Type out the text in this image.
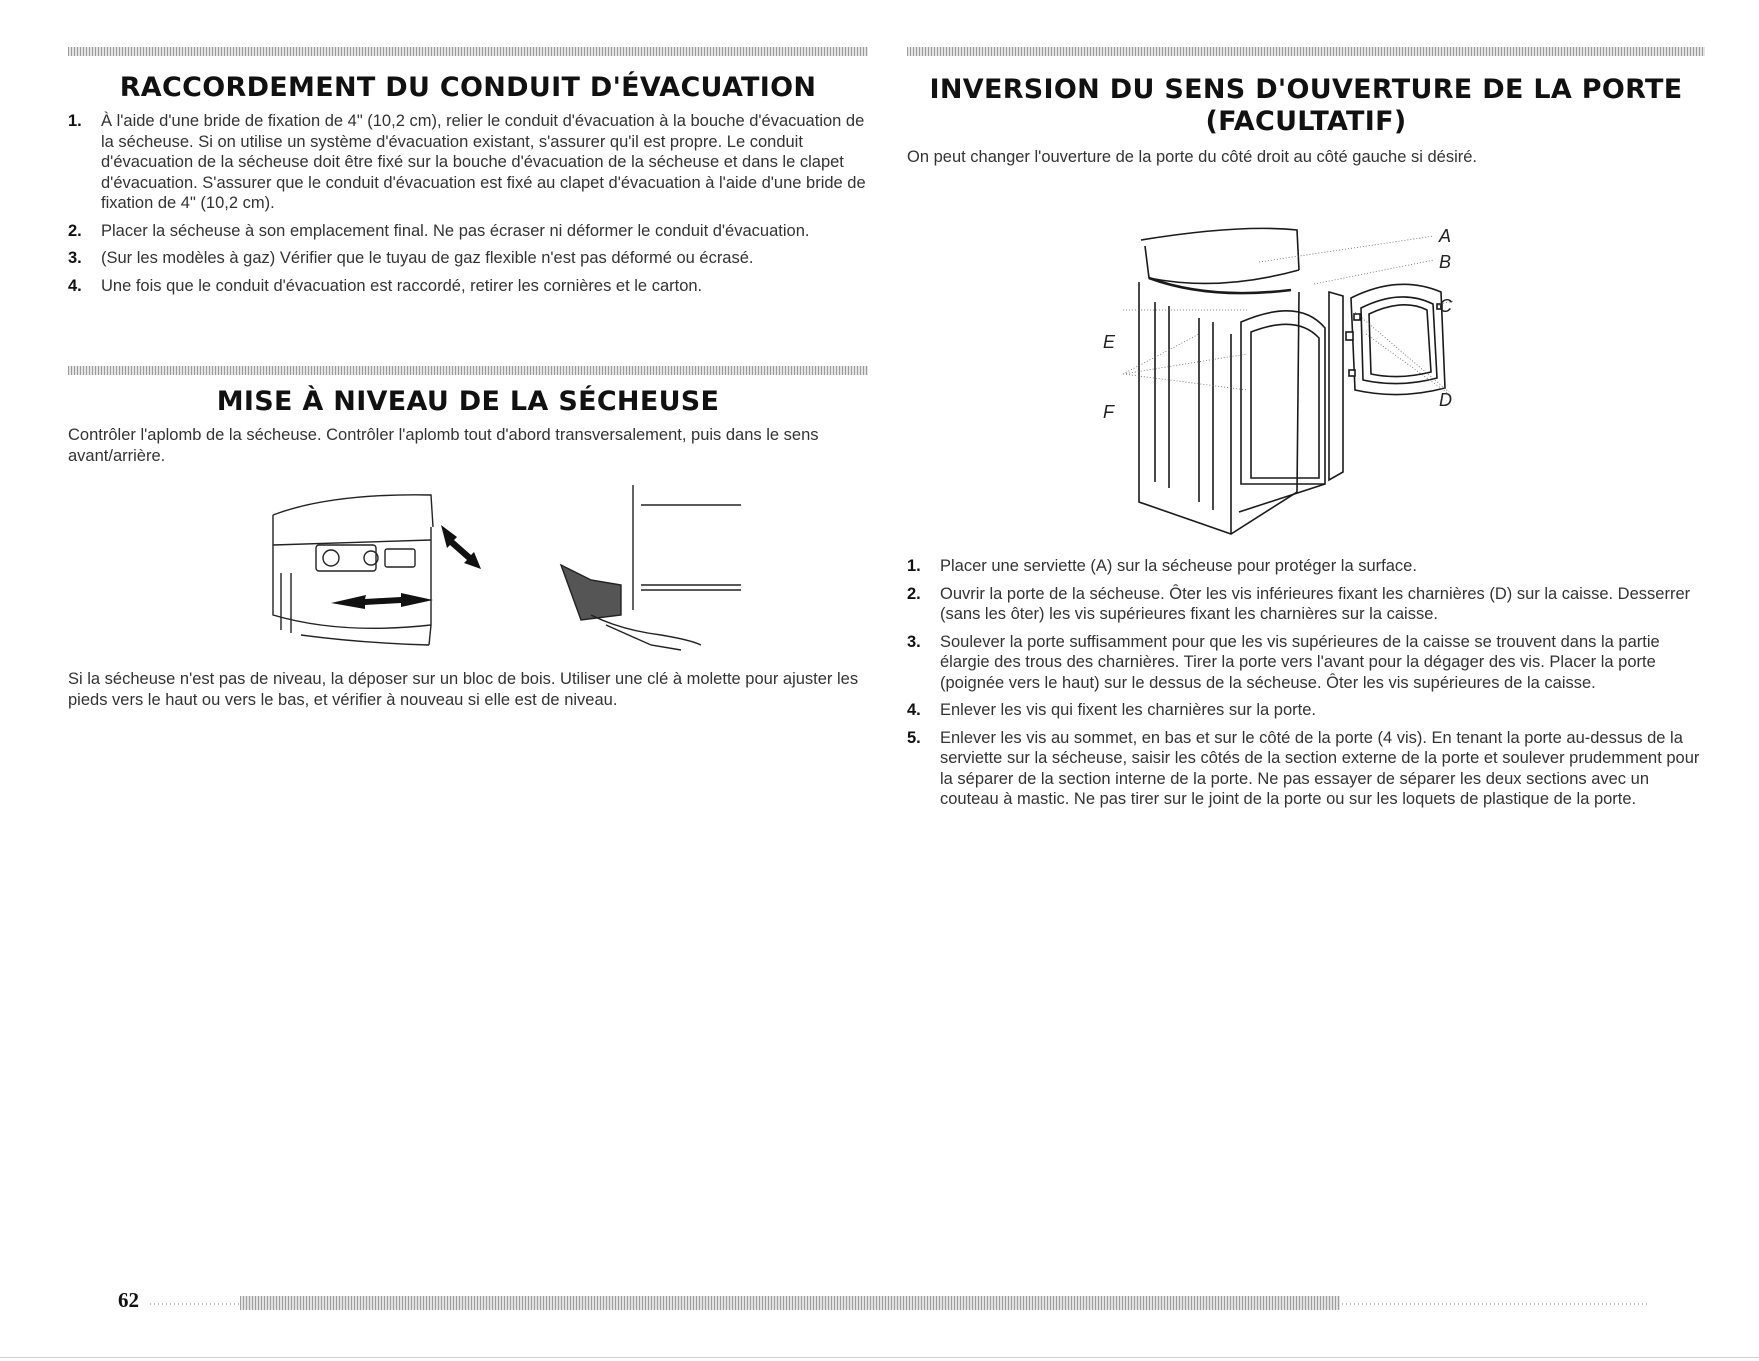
RACCORDEMENT DU CONDUIT D'ÉVACUATION
1. À l'aide d'une bride de fixation de 4" (10,2 cm), relier le conduit d'évacuation à la bouche d'évacuation de la sécheuse. Si on utilise un système d'évacuation existant, s'assurer qu'il est propre. Le conduit d'évacuation de la sécheuse doit être fixé sur la bouche d'évacuation de la sécheuse et dans le clapet d'évacuation. S'assurer que le conduit d'évacuation est fixé au clapet d'évacuation à l'aide d'une bride de fixation de 4" (10,2 cm).
2. Placer la sécheuse à son emplacement final. Ne pas écraser ni déformer le conduit d'évacuation.
3. (Sur les modèles à gaz) Vérifier que le tuyau de gaz flexible n'est pas déformé ou écrasé.
4. Une fois que le conduit d'évacuation est raccordé, retirer les cornières et le carton.
MISE À NIVEAU DE LA SÉCHEUSE

Contrôler l'aplomb de la sécheuse. Contrôler l'aplomb tout d'abord transversalement, puis dans le sens avant/arrière.

Si la sécheuse n'est pas de niveau, la déposer sur un bloc de bois. Utiliser une clé à molette pour ajuster les pieds vers le haut ou vers le bas, et vérifier à nouveau si elle est de niveau.

INVERSION DU SENS D'OUVERTURE DE LA PORTE
(FACULTATIF)

On peut changer l'ouverture de la porte du côté droit au côté gauche si désiré.

A
B
C
D
E
F
1. Placer une serviette (A) sur la sécheuse pour protéger la surface.
2. Ouvrir la porte de la sécheuse. Ôter les vis inférieures fixant les charnières (D) sur la caisse. Desserrer (sans les ôter) les vis supérieures fixant les charnières sur la caisse.
3. Soulever la porte suffisamment pour que les vis supérieures de la caisse se trouvent dans la partie élargie des trous des charnières. Tirer la porte vers l'avant pour la dégager des vis. Placer la porte (poignée vers le haut) sur le dessus de la sécheuse. Ôter les vis supérieures de la caisse.
4. Enlever les vis qui fixent les charnières sur la porte.
5. Enlever les vis au sommet, en bas et sur le côté de la porte (4 vis). En tenant la porte au-dessus de la serviette sur la sécheuse, saisir les côtés de la section externe de la porte et soulever prudemment pour la séparer de la section interne de la porte. Ne pas essayer de séparer les deux sections avec un couteau à mastic. Ne pas tirer sur le joint de la porte ou sur les loquets de plastique de la porte.
62
